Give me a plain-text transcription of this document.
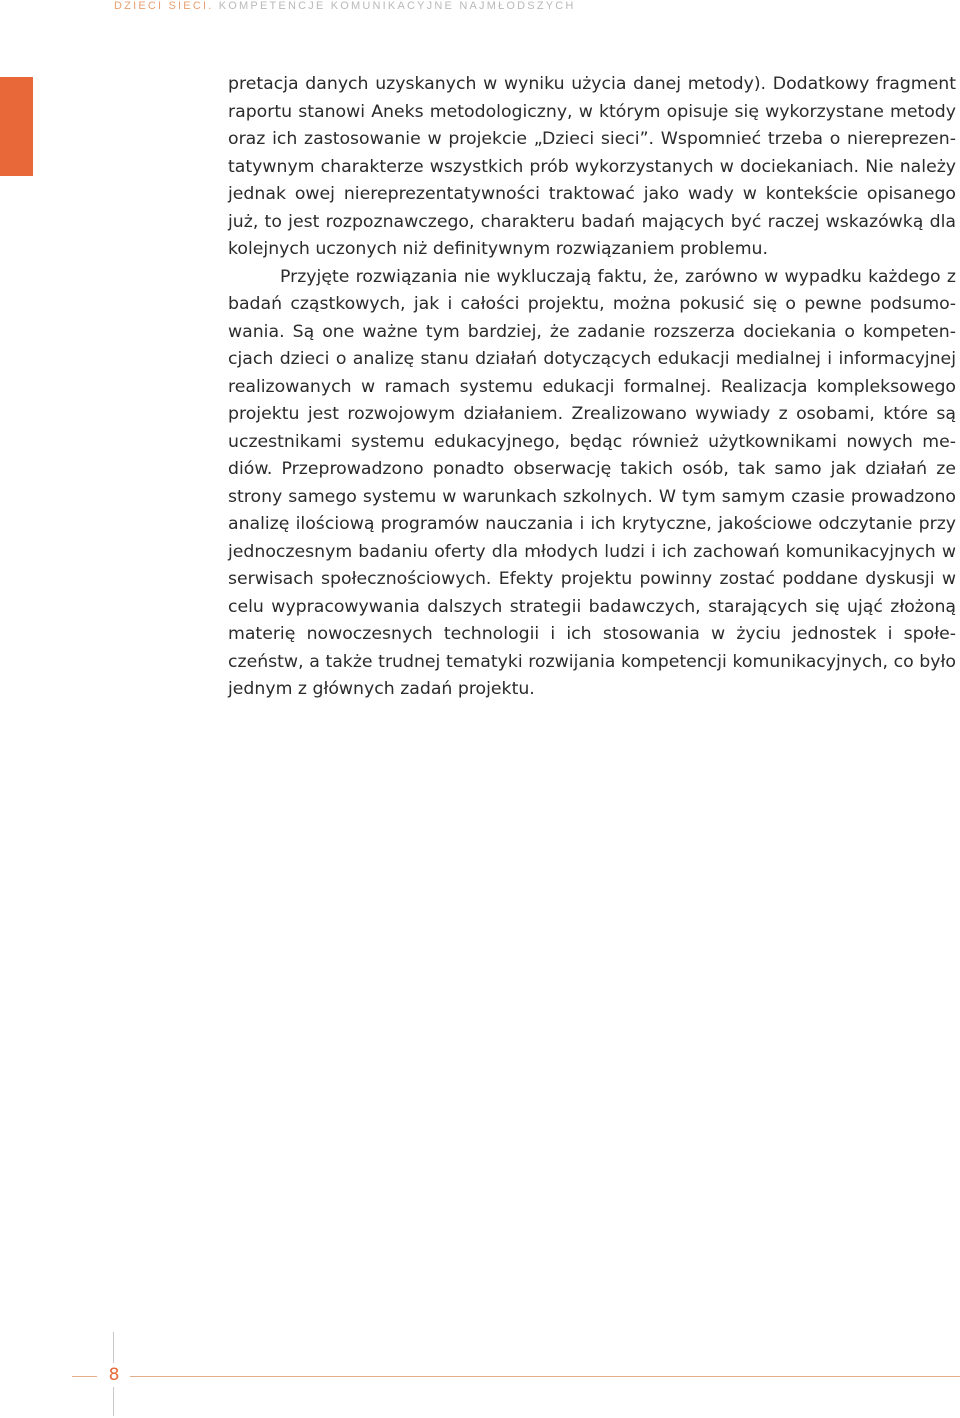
DZIECI SIECI. KOMPETENCJE KOMUNIKACYJNE NAJMŁODSZYCH

pretacja danych uzyskanych w wyniku użycia danej metody). Dodatkowy fragment raportu stanowi Aneks metodologiczny, w którym opisuje się wykorzystane metody oraz ich zastosowanie w projekcie „Dzieci sieci”. Wspomnieć trzeba o niereprezentatywnym charakterze wszystkich prób wykorzystanych w dociekaniach. Nie należy jednak owej niereprezentatywności traktować jako wady w kontekście opisanego już, to jest rozpoznawczego, charakteru badań mających być raczej wskazówką dla kolejnych uczonych niż definitywnym rozwiązaniem problemu.

Przyjęte rozwiązania nie wykluczają faktu, że, zarówno w wypadku każdego z badań cząstkowych, jak i całości projektu, można pokusić się o pewne podsumowania. Są one ważne tym bardziej, że zadanie rozszerza dociekania o kompetencjach dzieci o analizę stanu działań dotyczących edukacji medialnej i informacyjnej realizowanych w ramach systemu edukacji formalnej. Realizacja kompleksowego projektu jest rozwojowym działaniem. Zrealizowano wywiady z osobami, które są uczestnikami systemu edukacyjnego, będąc również użytkownikami nowych mediów. Przeprowadzono ponadto obserwację takich osób, tak samo jak działań ze strony samego systemu w warunkach szkolnych. W tym samym czasie prowadzono analizę ilościową programów nauczania i ich krytyczne, jakościowe odczytanie przy jednoczesnym badaniu oferty dla młodych ludzi i ich zachowań komunikacyjnych w serwisach społecznościowych. Efekty projektu powinny zostać poddane dyskusji w celu wypracowywania dalszych strategii badawczych, starających się ująć złożoną materię nowoczesnych technologii i ich stosowania w życiu jednostek i społeczeństw, a także trudnej tematyki rozwijania kompetencji komunikacyjnych, co było jednym z głównych zadań projektu.

8
